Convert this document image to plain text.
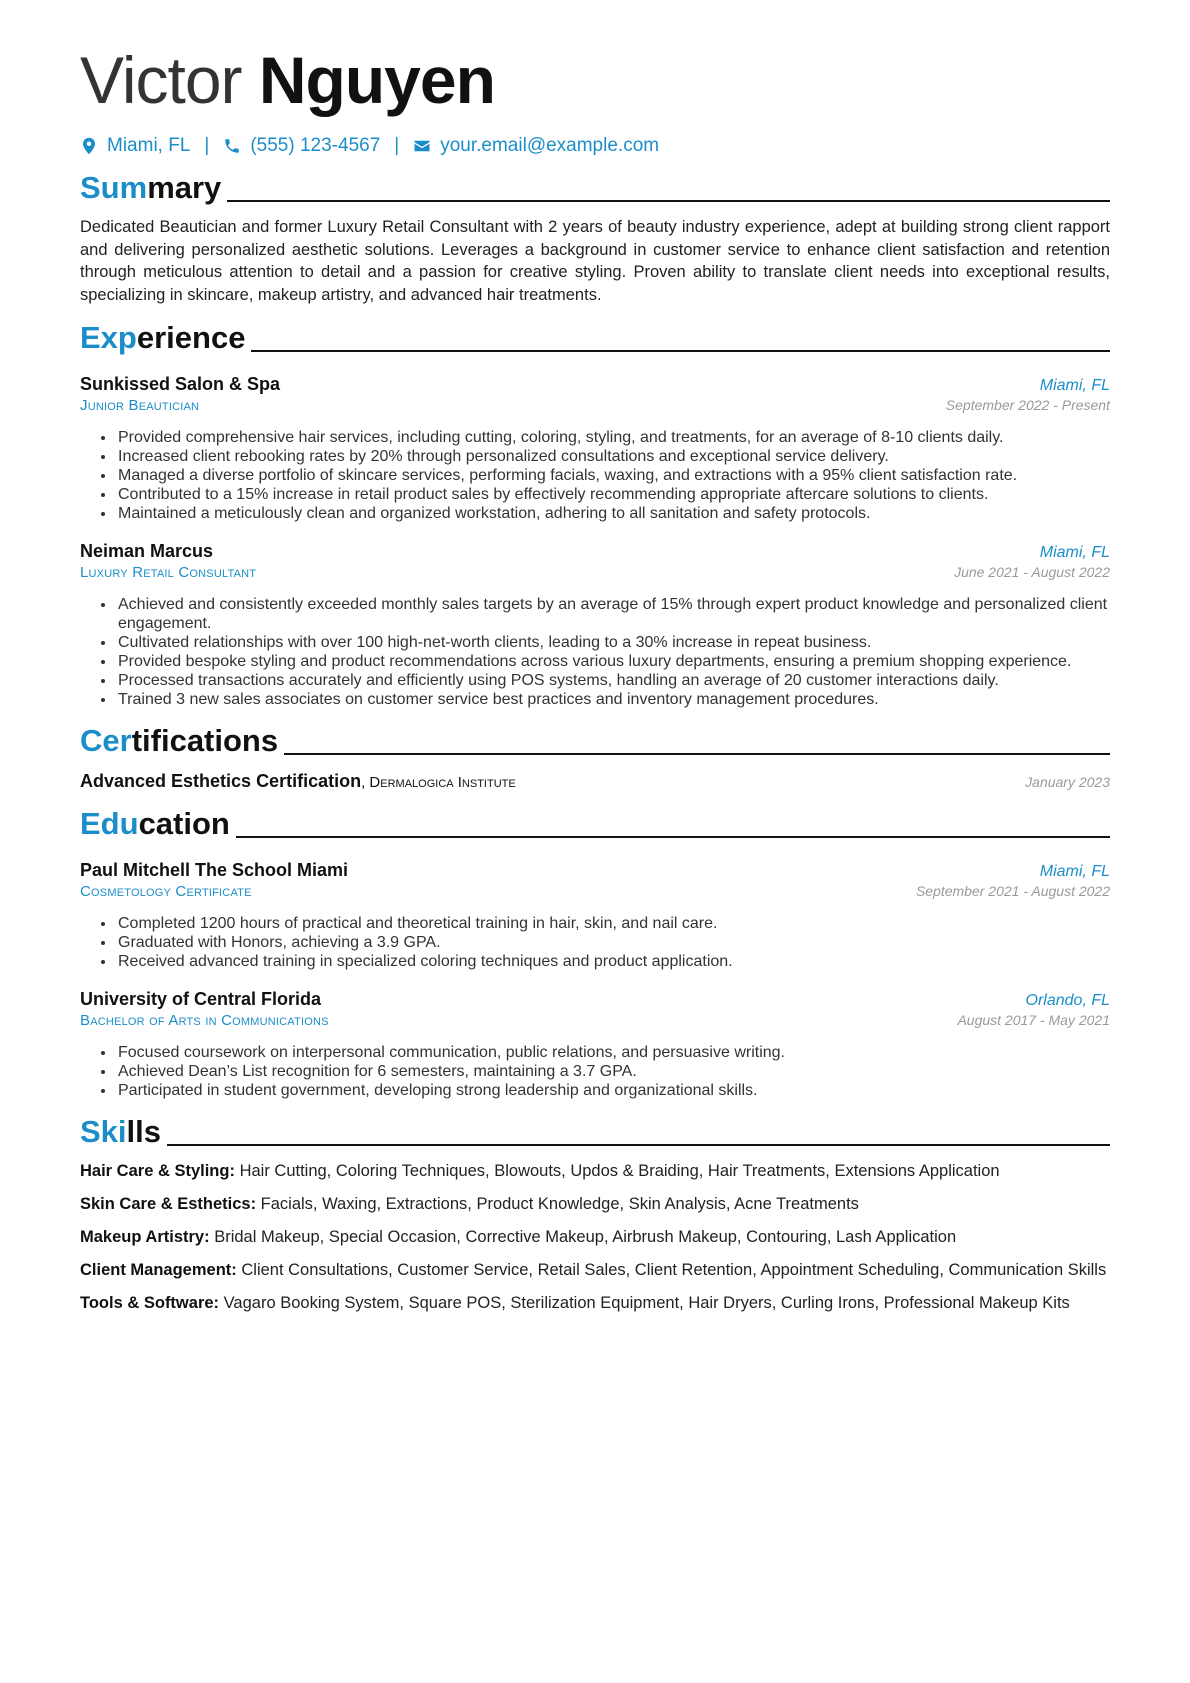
Victor Nguyen
Miami, FL | (555) 123-4567 | your.email@example.com
Summary

Dedicated Beautician and former Luxury Retail Consultant with 2 years of beauty industry experience, adept at building strong client rapport and delivering personalized aesthetic solutions. Leverages a background in customer service to enhance client satisfaction and retention through meticulous attention to detail and a passion for creative styling. Proven ability to translate client needs into exceptional results, specializing in skincare, makeup artistry, and advanced hair treatments.

Experience
Sunkissed Salon & Spa	Miami, FL
Junior Beautician	September 2022 - Present
• Provided comprehensive hair services, including cutting, coloring, styling, and treatments, for an average of 8-10 clients daily.
• Increased client rebooking rates by 20% through personalized consultations and exceptional service delivery.
• Managed a diverse portfolio of skincare services, performing facials, waxing, and extractions with a 95% client satisfaction rate.
• Contributed to a 15% increase in retail product sales by effectively recommending appropriate aftercare solutions to clients.
• Maintained a meticulously clean and organized workstation, adhering to all sanitation and safety protocols.
Neiman Marcus	Miami, FL
Luxury Retail Consultant	June 2021 - August 2022
• Achieved and consistently exceeded monthly sales targets by an average of 15% through expert product knowledge and personalized client engagement.
• Cultivated relationships with over 100 high-net-worth clients, leading to a 30% increase in repeat business.
• Provided bespoke styling and product recommendations across various luxury departments, ensuring a premium shopping experience.
• Processed transactions accurately and efficiently using POS systems, handling an average of 20 customer interactions daily.
• Trained 3 new sales associates on customer service best practices and inventory management procedures.
Certifications
Advanced Esthetics Certification, Dermalogica Institute	January 2023
Education
Paul Mitchell The School Miami	Miami, FL
Cosmetology Certificate	September 2021 - August 2022
• Completed 1200 hours of practical and theoretical training in hair, skin, and nail care.
• Graduated with Honors, achieving a 3.9 GPA.
• Received advanced training in specialized coloring techniques and product application.
University of Central Florida	Orlando, FL
Bachelor of Arts in Communications	August 2017 - May 2021
• Focused coursework on interpersonal communication, public relations, and persuasive writing.
• Achieved Dean’s List recognition for 6 semesters, maintaining a 3.7 GPA.
• Participated in student government, developing strong leadership and organizational skills.
Skills
Hair Care & Styling: Hair Cutting, Coloring Techniques, Blowouts, Updos & Braiding, Hair Treatments, Extensions Application
Skin Care & Esthetics: Facials, Waxing, Extractions, Product Knowledge, Skin Analysis, Acne Treatments
Makeup Artistry: Bridal Makeup, Special Occasion, Corrective Makeup, Airbrush Makeup, Contouring, Lash Application
Client Management: Client Consultations, Customer Service, Retail Sales, Client Retention, Appointment Scheduling, Communication Skills
Tools & Software: Vagaro Booking System, Square POS, Sterilization Equipment, Hair Dryers, Curling Irons, Professional Makeup Kits
